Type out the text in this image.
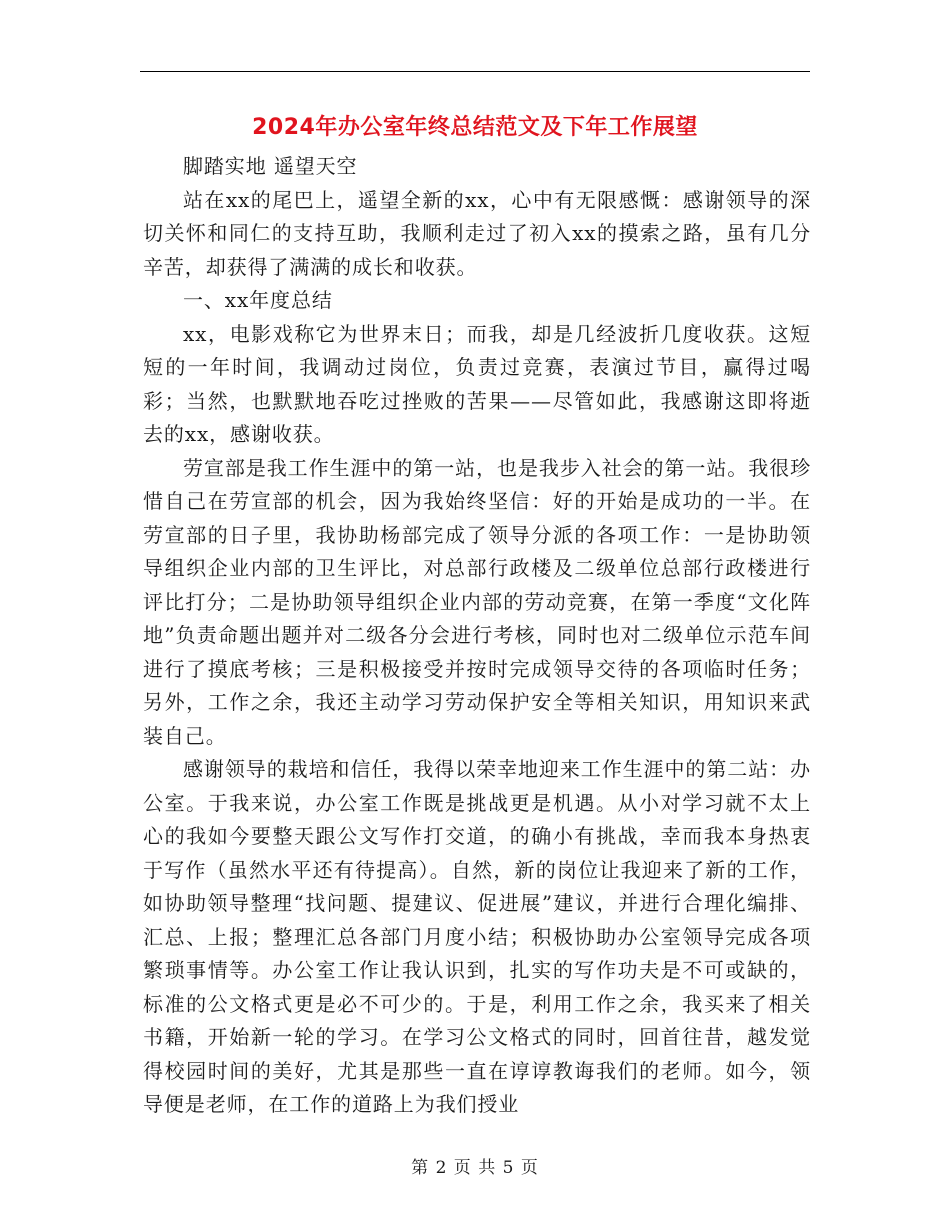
2024年办公室年终总结范文及下年工作展望

脚踏实地 遥望天空

站在xx的尾巴上，遥望全新的xx，心中有无限感慨：感谢领导的深切关怀和同仁的支持互助，我顺利走过了初入xx的摸索之路，虽有几分辛苦，却获得了满满的成长和收获。

一、xx年度总结

xx，电影戏称它为世界末日；而我，却是几经波折几度收获。这短短的一年时间，我调动过岗位，负责过竞赛，表演过节目，赢得过喝彩；当然，也默默地吞吃过挫败的苦果——尽管如此，我感谢这即将逝去的xx，感谢收获。

劳宣部是我工作生涯中的第一站，也是我步入社会的第一站。我很珍惜自己在劳宣部的机会，因为我始终坚信：好的开始是成功的一半。在劳宣部的日子里，我协助杨部完成了领导分派的各项工作：一是协助领导组织企业内部的卫生评比，对总部行政楼及二级单位总部行政楼进行评比打分；二是协助领导组织企业内部的劳动竞赛，在第一季度“文化阵地”负责命题出题并对二级各分会进行考核，同时也对二级单位示范车间进行了摸底考核；三是积极接受并按时完成领导交待的各项临时任务；另外，工作之余，我还主动学习劳动保护安全等相关知识，用知识来武装自己。

感谢领导的栽培和信任，我得以荣幸地迎来工作生涯中的第二站：办公室。于我来说，办公室工作既是挑战更是机遇。从小对学习就不太上心的我如今要整天跟公文写作打交道，的确小有挑战，幸而我本身热衷于写作（虽然水平还有待提高）。自然，新的岗位让我迎来了新的工作，如协助领导整理“找问题、提建议、促进展”建议，并进行合理化编排、汇总、上报；整理汇总各部门月度小结；积极协助办公室领导完成各项繁琐事情等。办公室工作让我认识到，扎实的写作功夫是不可或缺的，标准的公文格式更是必不可少的。于是，利用工作之余，我买来了相关书籍，开始新一轮的学习。在学习公文格式的同时，回首往昔，越发觉得校园时间的美好，尤其是那些一直在谆谆教诲我们的老师。如今，领导便是老师，在工作的道路上为我们授业

第 2 页 共 5 页
